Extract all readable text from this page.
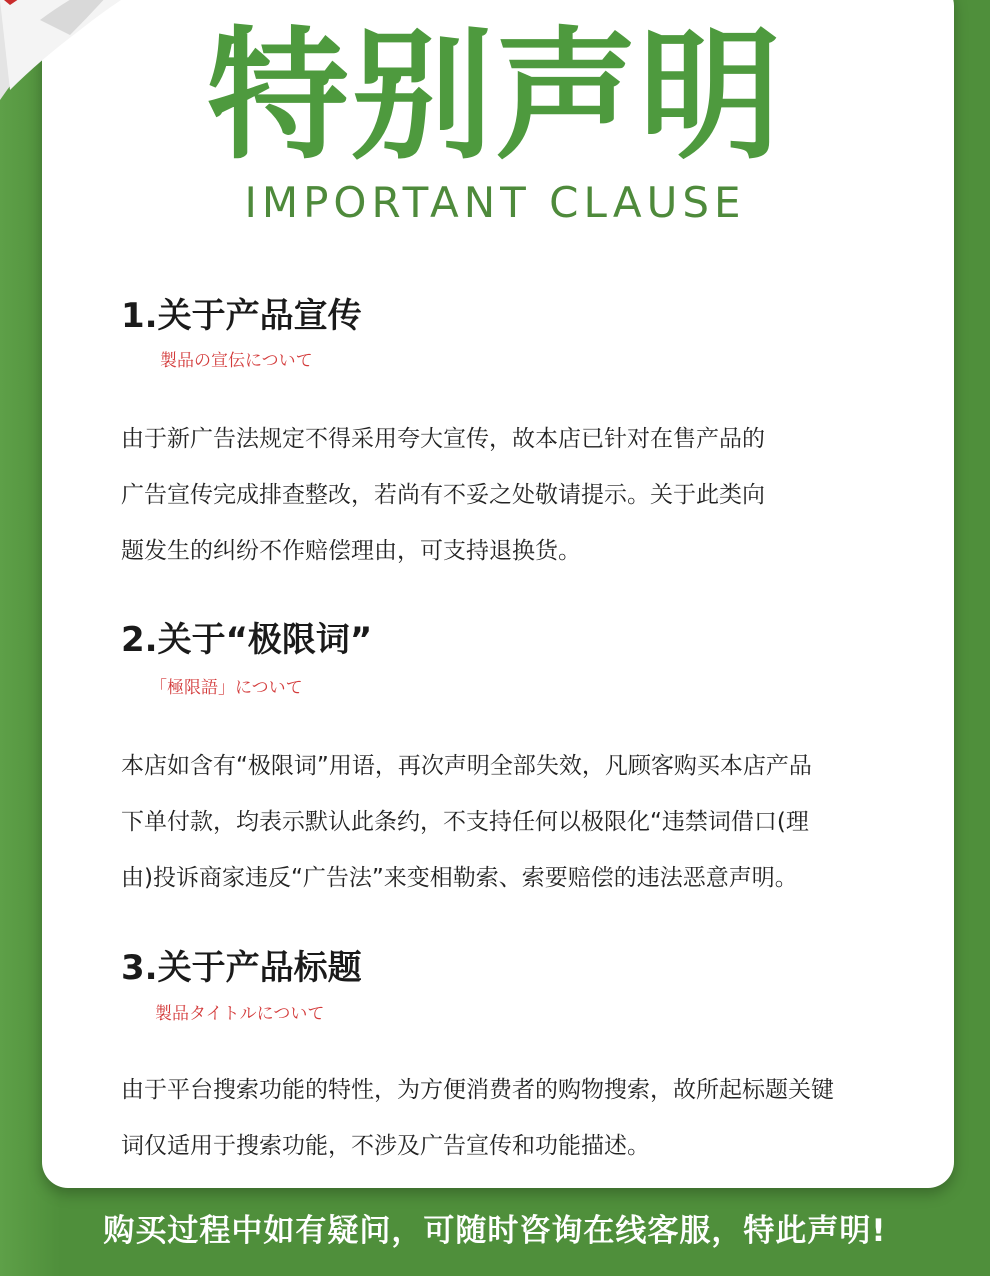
特别声明
IMPORTANT CLAUSE
1.关于产品宣传
製品の宣伝について

由于新广告法规定不得采用夸大宣传，故本店已针对在售产品的

广告宣传完成排查整改，若尚有不妥之处敬请提示。关于此类向

题发生的纠纷不作赔偿理由，可支持退换货。

2.关于“极限词”
「極限語」について

本店如含有“极限词”用语，再次声明全部失效，凡顾客购买本店产品

下单付款，均表示默认此条约，不支持任何以极限化“违禁词借口(理

由)投诉商家违反“广告法”来变相勒索、索要赔偿的违法恶意声明。

3.关于产品标题
製品タイトルについて

由于平台搜索功能的特性，为方便消费者的购物搜索，故所起标题关键

词仅适用于搜索功能，不涉及广告宣传和功能描述。

购买过程中如有疑问，可随时咨询在线客服，特此声明!
